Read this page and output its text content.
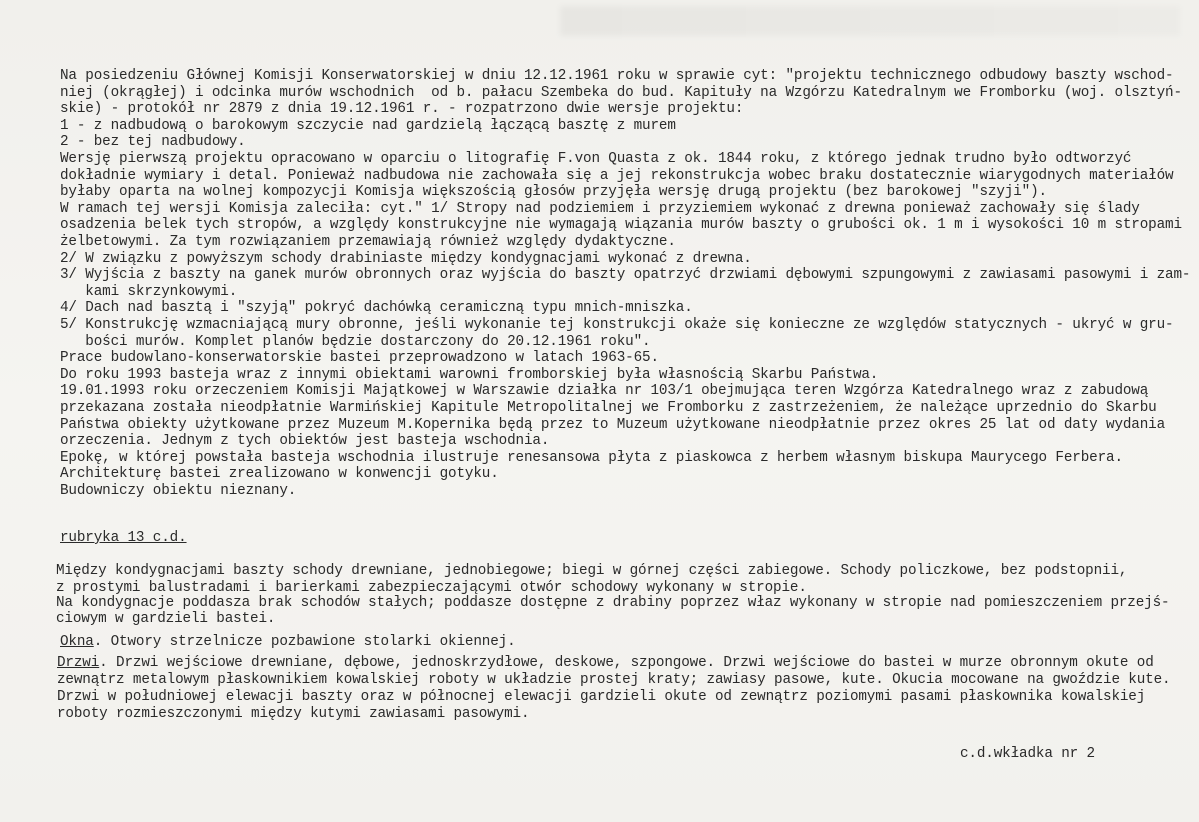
Na posiedzeniu Głównej Komisji Konserwatorskiej w dniu 12.12.1961 roku w sprawie cyt: "projektu technicznego odbudowy baszty wschod-
niej (okrągłej) i odcinka murów wschodnich  od b. pałacu Szembeka do bud. Kapituły na Wzgórzu Katedralnym we Fromborku (woj. olsztyń-
skie) - protokół nr 2879 z dnia 19.12.1961 r. - rozpatrzono dwie wersje projektu:
1 - z nadbudową o barokowym szczycie nad gardzielą łączącą basztę z murem
2 - bez tej nadbudowy.
Wersję pierwszą projektu opracowano w oparciu o litografię F.von Quasta z ok. 1844 roku, z którego jednak trudno było odtworzyć
dokładnie wymiary i detal. Ponieważ nadbudowa nie zachowała się a jej rekonstrukcja wobec braku dostatecznie wiarygodnych materiałów
byłaby oparta na wolnej kompozycji Komisja większością głosów przyjęła wersję drugą projektu (bez barokowej "szyji").
W ramach tej wersji Komisja zaleciła: cyt." 1/ Stropy nad podziemiem i przyziemiem wykonać z drewna ponieważ zachowały się ślady
osadzenia belek tych stropów, a względy konstrukcyjne nie wymagają wiązania murów baszty o grubości ok. 1 m i wysokości 10 m stropami
żelbetowymi. Za tym rozwiązaniem przemawiają również względy dydaktyczne.
2/ W związku z powyższym schody drabiniaste między kondygnacjami wykonać z drewna.
3/ Wyjścia z baszty na ganek murów obronnych oraz wyjścia do baszty opatrzyć drzwiami dębowymi szpungowymi z zawiasami pasowymi i zam-
kami skrzynkowymi.
4/ Dach nad basztą i "szyją" pokryć dachówką ceramiczną typu mnich-mniszka.
5/ Konstrukcję wzmacniającą mury obronne, jeśli wykonanie tej konstrukcji okaże się konieczne ze względów statycznych - ukryć w gru-
bości murów. Komplet planów będzie dostarczony do 20.12.1961 roku".
Prace budowlano-konserwatorskie bastei przeprowadzono w latach 1963-65.
Do roku 1993 basteja wraz z innymi obiektami warowni fromborskiej była własnością Skarbu Państwa.
19.01.1993 roku orzeczeniem Komisji Majątkowej w Warszawie działka nr 103/1 obejmująca teren Wzgórza Katedralnego wraz z zabudową
przekazana została nieodpłatnie Warmińskiej Kapitule Metropolitalnej we Fromborku z zastrzeżeniem, że należące uprzednio do Skarbu
Państwa obiekty użytkowane przez Muzeum M.Kopernika będą przez to Muzeum użytkowane nieodpłatnie przez okres 25 lat od daty wydania
orzeczenia. Jednym z tych obiektów jest basteja wschodnia.
Epokę, w której powstała basteja wschodnia ilustruje renesansowa płyta z piaskowca z herbem własnym biskupa Maurycego Ferbera.
Architekturę bastei zrealizowano w konwencji gotyku.
Budowniczy obiektu nieznany.
rubryka 13 c.d.
Między kondygnacjami baszty schody drewniane, jednobiegowe; biegi w górnej części zabiegowe. Schody policzkowe, bez podstopnii,
z prostymi balustradami i barierkami zabezpieczającymi otwór schodowy wykonany w stropie.
Na kondygnacje poddasza brak schodów stałych; poddasze dostępne z drabiny poprzez właz wykonany w stropie nad pomieszczeniem przejś-
ciowym w gardzieli bastei.
Okna. Otwory strzelnicze pozbawione stolarki okiennej.
Drzwi. Drzwi wejściowe drewniane, dębowe, jednoskrzydłowe, deskowe, szpongowe. Drzwi wejściowe do bastei w murze obronnym okute od
zewnątrz metalowym płaskownikiem kowalskiej roboty w układzie prostej kraty; zawiasy pasowe, kute. Okucia mocowane na gwoździe kute.
Drzwi w południowej elewacji baszty oraz w północnej elewacji gardzieli okute od zewnątrz poziomymi pasami płaskownika kowalskiej
roboty rozmieszczonymi między kutymi zawiasami pasowymi.
c.d.wkładka nr 2
